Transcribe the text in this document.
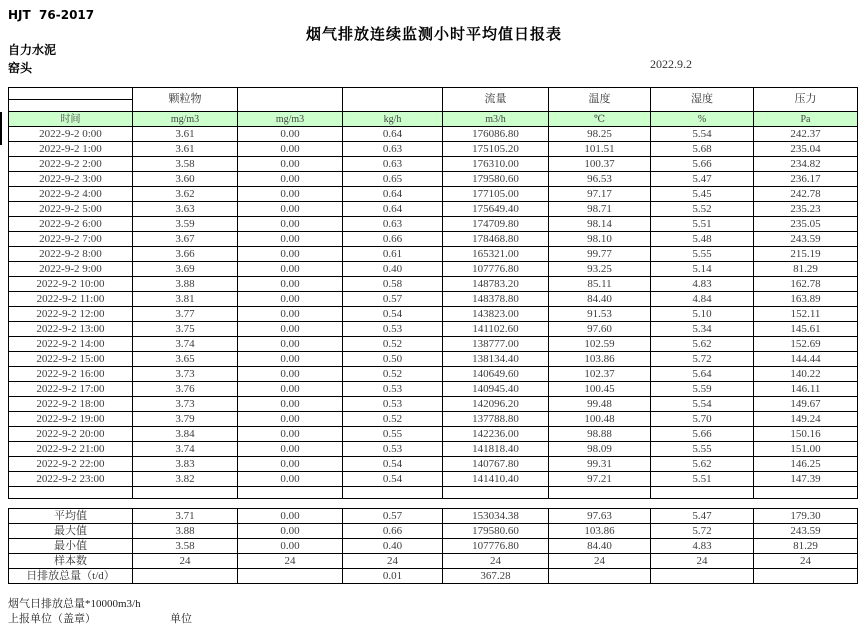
HJT  76-2017
烟气排放连续监测小时平均值日报表
自力水泥
窑头	2022.9.2
	颗粒物			流量	温度	湿度	压力
时间	mg/m3	mg/m3	kg/h	m3/h	℃	%	Pa
2022-9-2 0:00	3.61	0.00	0.64	176086.80	98.25	5.54	242.37
2022-9-2 1:00	3.61	0.00	0.63	175105.20	101.51	5.68	235.04
2022-9-2 2:00	3.58	0.00	0.63	176310.00	100.37	5.66	234.82
2022-9-2 3:00	3.60	0.00	0.65	179580.60	96.53	5.47	236.17
2022-9-2 4:00	3.62	0.00	0.64	177105.00	97.17	5.45	242.78
2022-9-2 5:00	3.63	0.00	0.64	175649.40	98.71	5.52	235.23
2022-9-2 6:00	3.59	0.00	0.63	174709.80	98.14	5.51	235.05
2022-9-2 7:00	3.67	0.00	0.66	178468.80	98.10	5.48	243.59
2022-9-2 8:00	3.66	0.00	0.61	165321.00	99.77	5.55	215.19
2022-9-2 9:00	3.69	0.00	0.40	107776.80	93.25	5.14	81.29
2022-9-2 10:00	3.88	0.00	0.58	148783.20	85.11	4.83	162.78
2022-9-2 11:00	3.81	0.00	0.57	148378.80	84.40	4.84	163.89
2022-9-2 12:00	3.77	0.00	0.54	143823.00	91.53	5.10	152.11
2022-9-2 13:00	3.75	0.00	0.53	141102.60	97.60	5.34	145.61
2022-9-2 14:00	3.74	0.00	0.52	138777.00	102.59	5.62	152.69
2022-9-2 15:00	3.65	0.00	0.50	138134.40	103.86	5.72	144.44
2022-9-2 16:00	3.73	0.00	0.52	140649.60	102.37	5.64	140.22
2022-9-2 17:00	3.76	0.00	0.53	140945.40	100.45	5.59	146.11
2022-9-2 18:00	3.73	0.00	0.53	142096.20	99.48	5.54	149.67
2022-9-2 19:00	3.79	0.00	0.52	137788.80	100.48	5.70	149.24
2022-9-2 20:00	3.84	0.00	0.55	142236.00	98.88	5.66	150.16
2022-9-2 21:00	3.74	0.00	0.53	141818.40	98.09	5.55	151.00
2022-9-2 22:00	3.83	0.00	0.54	140767.80	99.31	5.62	146.25
2022-9-2 23:00	3.82	0.00	0.54	141410.40	97.21	5.51	147.39

平均值	3.71	0.00	0.57	153034.38	97.63	5.47	179.30
最大值	3.88	0.00	0.66	179580.60	103.86	5.72	243.59
最小值	3.58	0.00	0.40	107776.80	84.40	4.83	81.29
样本数	24	24	24	24	24	24	24
日排放总量（t/d）			0.01	367.28			
烟气日排放总量*10000m3/h
上报单位（盖章）	单位
